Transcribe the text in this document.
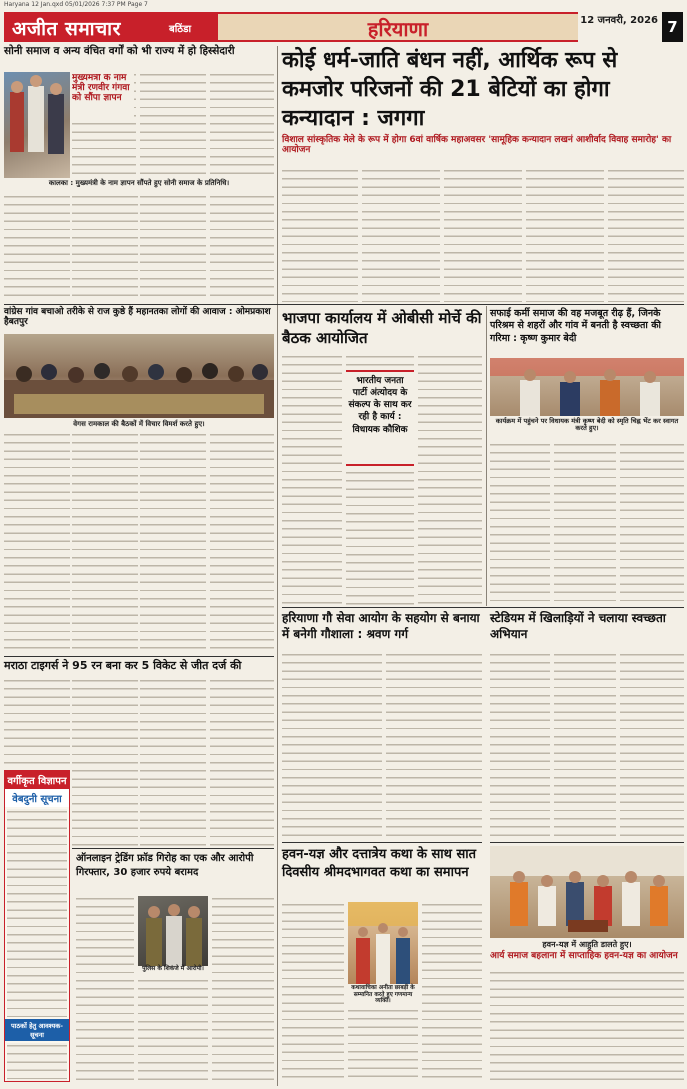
Haryana 12 Jan.qxd 05/01/2026 7:37 PM Page 7
अजीत समाचार	बठिंडा	हरियाणा	12 जनवरी, 2026 7
सोनी समाज व अन्य वंचित वर्गों को भी राज्य में हो हिस्सेदारी
कालका : मुख्यमंत्री के नाम ज्ञापन सौंपते हुए सोनी समाज के प्रतिनिधि।
मुख्यमंत्री के नाम मंत्री रणवीर गंगवा को सौंपा ज्ञापन
कोई धर्म-जाति बंधन नहीं, आर्थिक रूप से कमजोर परिजनों की 21 बेटियों का होगा कन्यादान : जगगा
विशाल सांस्कृतिक मेले के रूप में होगा 6वां वार्षिक महाअवसर 'सामूहिक कन्यादान लखनं आशीर्वाद विवाह समारोह' का आयोजन
वांग्रेस गांव बचाओ तरीके से राज कुष्ठे हैं महानतका लोगों की आवाज : ओमप्रकाश हैबतपुर
वेगस रामकाल की बैठकों में विचार विमर्श करते हुए।
भाजपा कार्यालय में ओबीसी मोर्चे की बैठक आयोजित
भारतीय जनता पार्टी अंत्योदय के संकल्प के साथ कर रही है कार्य : विधायक कौशिक
सफाई कर्मी समाज की वह मजबूत रीढ़ हैं, जिनके परिश्रम से शहरों और गांव में बनती है स्वच्छता की गरिमा : कृष्ण कुमार बेदी
कार्यक्रम में पहुंचने पर विधायक मंत्री कृष्ण बेदी को स्मृति चिह्न भेंट कर स्वागत करते हुए।
मराठा टाइगर्स ने 95 रन बना कर 5 विकेट से जीत दर्ज की
वर्गीकृत विज्ञापन
वेबदुनी सूचना
पाठकों हेतु आवश्यक-सूचना
हरियाणा गौ सेवा आयोग के सहयोग से बनाया में बनेगी गौशाला : श्रवण गर्ग
स्टेडियम में खिलाड़ियों ने चलाया स्वच्छता अभियान
ऑनलाइन ट्रेडिंग फ्रॉड गिरोह का एक और आरोपी गिरफ्तार, 30 हजार रुपये बरामद
पुलिस के शिकंजे में आरोपी।
हवन-यज्ञ और दत्तात्रेय कथा के साथ सात दिवसीय श्रीमदभागवत कथा का समापन
कथावाचिका अनीता छाबड़ी के सम्मानित करते हुए गणमान्य व्यक्ति।
हवन-यज्ञ में आहुति डालते हुए।
आर्य समाज बहलाना में साप्ताहिक हवन-यज्ञ का आयोजन
